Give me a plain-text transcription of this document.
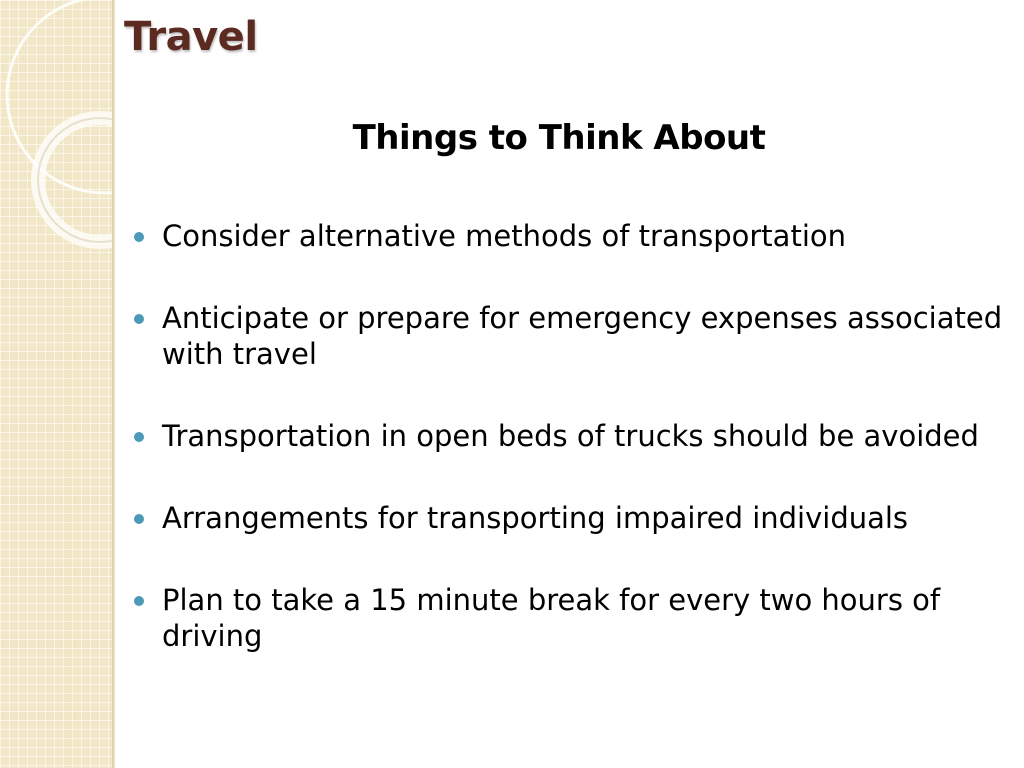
Travel
Things to Think About
Consider alternative methods of transportation
Anticipate or prepare for emergency expenses associated with travel
Transportation in open beds of trucks should be avoided
Arrangements for transporting impaired individuals
Plan to take a 15 minute break for every two hours of driving
